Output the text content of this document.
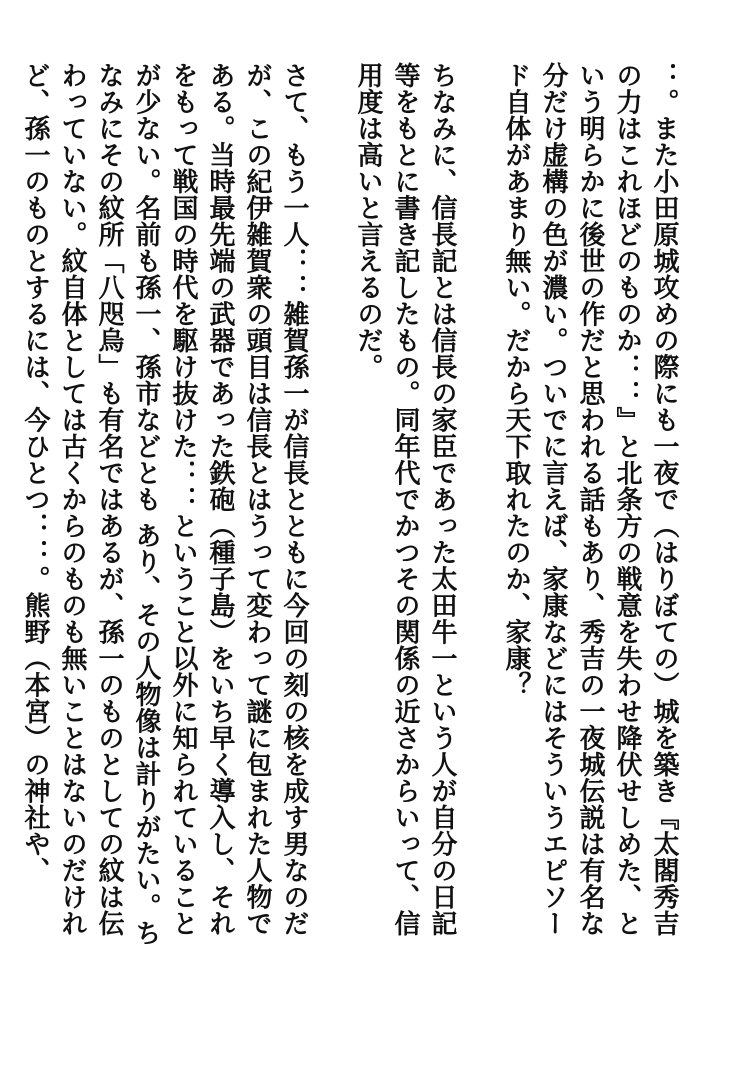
：。また小田原城攻めの際にも一夜で（はりぼての）城を築き『太閤秀吉の力はこれほどのものか：：』と北条方の戦意を失わせ降伏せしめた、という明らかに後世の作だと思われる話もあり、秀吉の一夜城伝説は有名な分だけ虚構の色が濃い。ついでに言えば、家康などにはそういうエピソード自体があまり無い。だから天下取れたのか、家康？

ちなみに、信長記とは信長の家臣であった太田牛一という人が自分の日記等をもとに書き記したもの。同年代でかつその関係の近さからいって、信用度は高いと言えるのだ。

さて、もう一人：：雑賀孫一が信長とともに今回の刻の核を成す男なのだが、この紀伊雑賀衆の頭目は信長とはうって変わって謎に包まれた人物である。当時最先端の武器であった鉄砲（種子島）をいち早く導入し、それをもって戦国の時代を駆け抜けた：：ということ以外に知られていることが少ない。名前も孫一、孫市などとも あり、その人物像は計りがたい。ちなみにその紋所「八咫烏」も有名ではあるが、孫一のものとしての紋は伝わっていない。紋自体としては古くからのものも無いことはないのだけれど、孫一のものとするには、今ひとつ：：。熊野（本宮）の神社や、
